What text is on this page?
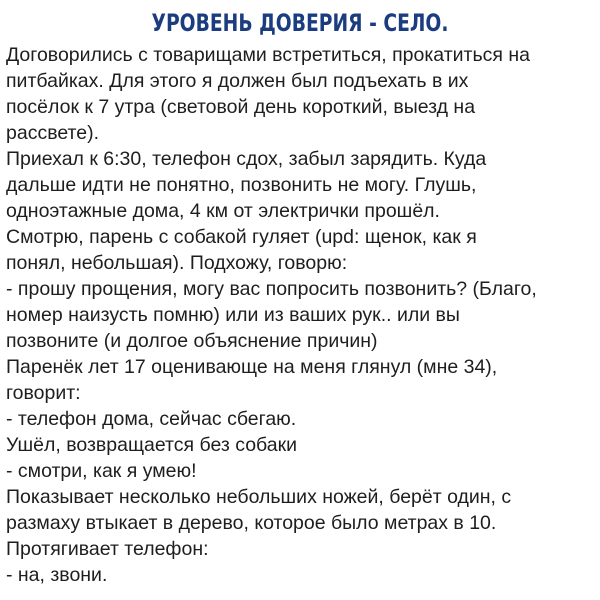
УРОВЕНЬ ДОВЕРИЯ - СЕЛО.
Договорились с товарищами встретиться, прокатиться на
питбайках. Для этого я должен был подъехать в их
посёлок к 7 утра (световой день короткий, выезд на
рассвете).
Приехал к 6:30, телефон сдох, забыл зарядить. Куда
дальше идти не понятно, позвонить не могу. Глушь,
одноэтажные дома, 4 км от электрички прошёл.
Смотрю, парень с собакой гуляет (upd: щенок, как я
понял, небольшая). Подхожу, говорю:
- прошу прощения, могу вас попросить позвонить? (Благо,
номер наизусть помню) или из ваших рук.. или вы
позвоните (и долгое объяснение причин)
Паренёк лет 17 оценивающе на меня глянул (мне 34),
говорит:
- телефон дома, сейчас сбегаю.
Ушёл, возвращается без собаки
- смотри, как я умею!
Показывает несколько небольших ножей, берёт один, с
размаху втыкает в дерево, которое было метрах в 10.
Протягивает телефон:
- на, звони.
